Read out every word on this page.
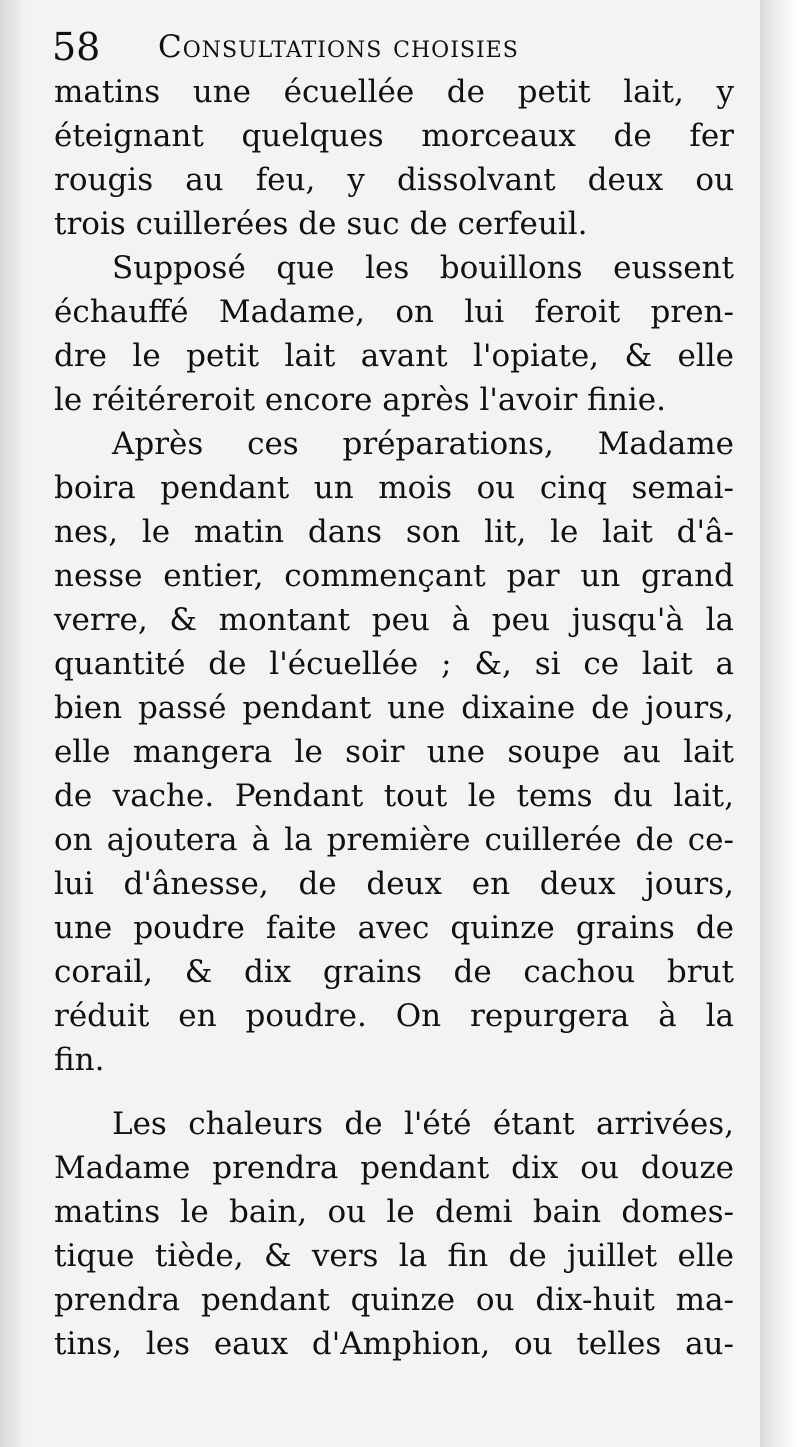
58 Consultations choisies
matins une écuellée de petit lait, y
éteignant quelques morceaux de fer
rougis au feu, y dissolvant deux ou
trois cuillerées de suc de cerfeuil.
Supposé que les bouillons eussent
échauffé Madame, on lui feroit pren-
dre le petit lait avant l'opiate, & elle
le réitéreroit encore après l'avoir finie.
Après ces préparations, Madame
boira pendant un mois ou cinq semai-
nes, le matin dans son lit, le lait d'â-
nesse entier, commençant par un grand
verre, & montant peu à peu jusqu'à la
quantité de l'écuellée ; &, si ce lait a
bien passé pendant une dixaine de jours,
elle mangera le soir une soupe au lait
de vache. Pendant tout le tems du lait,
on ajoutera à la première cuillerée de ce-
lui d'ânesse, de deux en deux jours,
une poudre faite avec quinze grains de
corail, & dix grains de cachou brut
réduit en poudre. On repurgera à la
fin.
Les chaleurs de l'été étant arrivées,
Madame prendra pendant dix ou douze
matins le bain, ou le demi bain domes-
tique tiède, & vers la fin de juillet elle
prendra pendant quinze ou dix-huit ma-
tins, les eaux d'Amphion, ou telles au-
